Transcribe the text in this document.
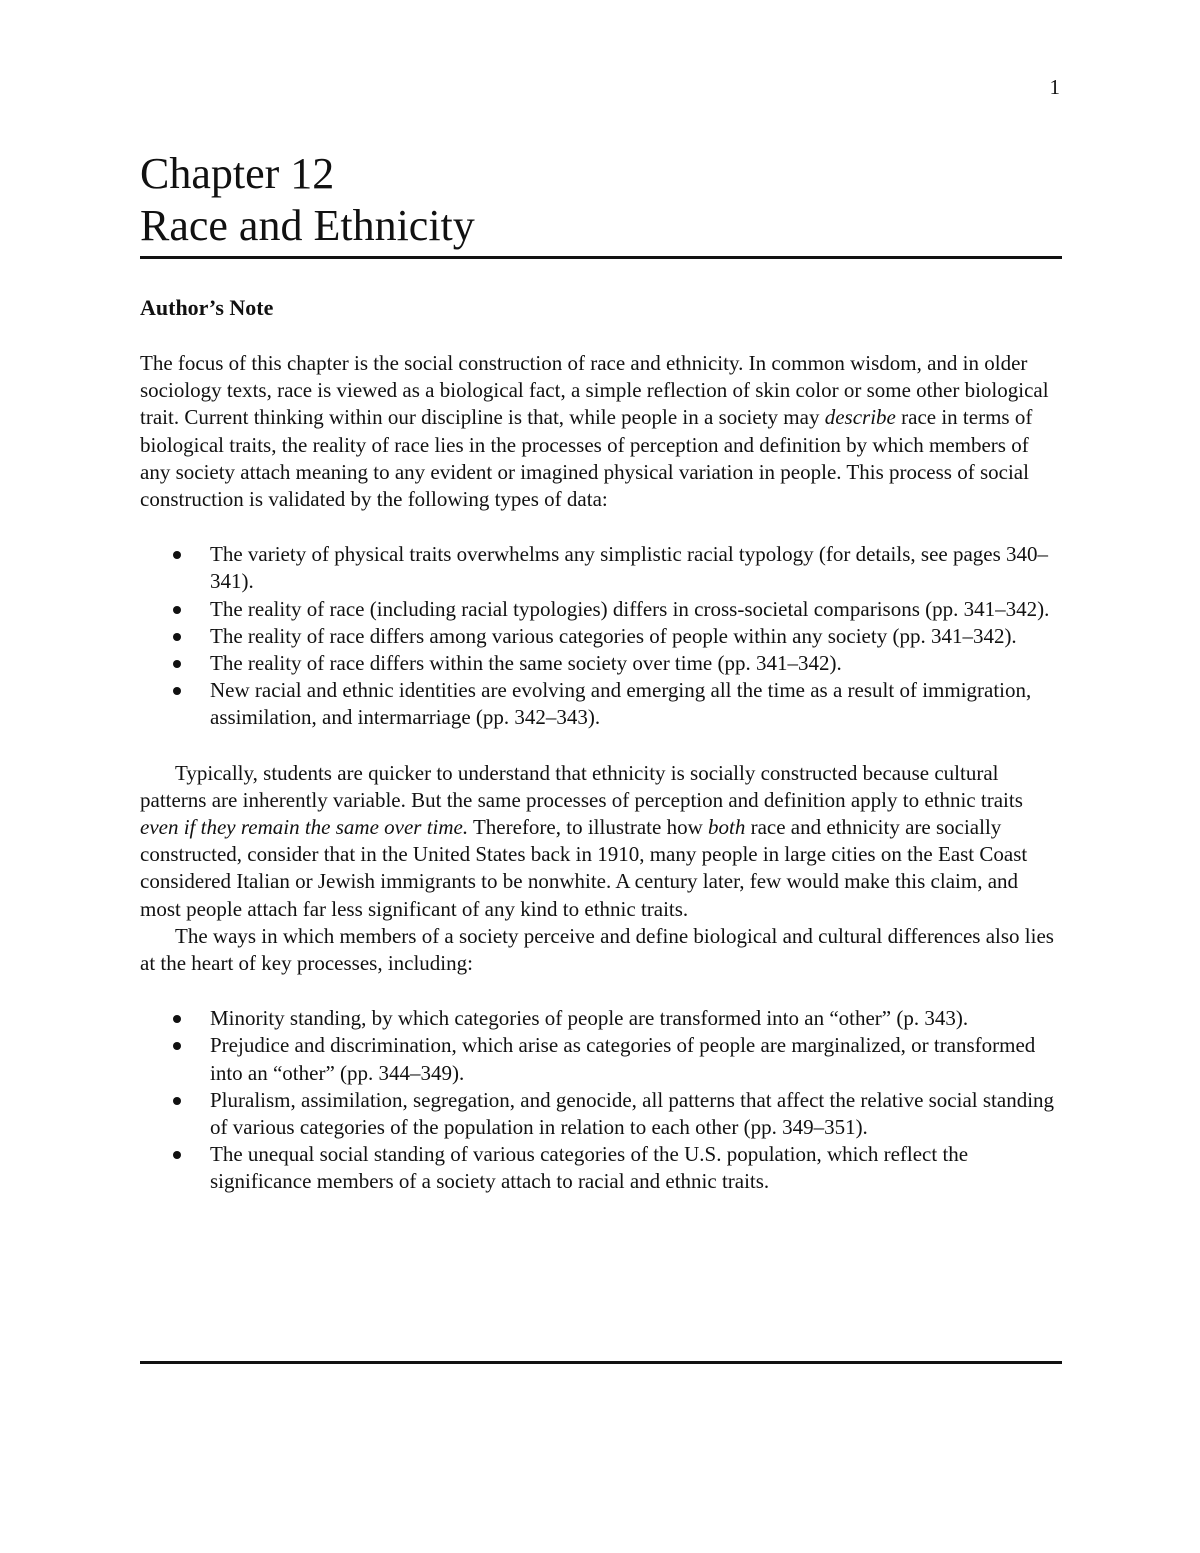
1
Chapter 12
Race and Ethnicity
Author’s Note

The focus of this chapter is the social construction of race and ethnicity. In common wisdom, and in older sociology texts, race is viewed as a biological fact, a simple reflection of skin color or some other biological trait. Current thinking within our discipline is that, while people in a society may describe race in terms of biological traits, the reality of race lies in the processes of perception and definition by which members of any society attach meaning to any evident or imagined physical variation in people. This process of social construction is validated by the following types of data:

The variety of physical traits overwhelms any simplistic racial typology (for details, see pages 340–341).
The reality of race (including racial typologies) differs in cross-societal comparisons (pp. 341–342).
The reality of race differs among various categories of people within any society (pp. 341–342).
The reality of race differs within the same society over time (pp. 341–342).
New racial and ethnic identities are evolving and emerging all the time as a result of immigration, assimilation, and intermarriage (pp. 342–343).

Typically, students are quicker to understand that ethnicity is socially constructed because cultural patterns are inherently variable. But the same processes of perception and definition apply to ethnic traits even if they remain the same over time. Therefore, to illustrate how both race and ethnicity are socially constructed, consider that in the United States back in 1910, many people in large cities on the East Coast considered Italian or Jewish immigrants to be nonwhite. A century later, few would make this claim, and most people attach far less significant of any kind to ethnic traits.

The ways in which members of a society perceive and define biological and cultural differences also lies at the heart of key processes, including:

Minority standing, by which categories of people are transformed into an “other” (p. 343).
Prejudice and discrimination, which arise as categories of people are marginalized, or transformed into an “other” (pp. 344–349).
Pluralism, assimilation, segregation, and genocide, all patterns that affect the relative social standing of various categories of the population in relation to each other (pp. 349–351).
The unequal social standing of various categories of the U.S. population, which reflect the significance members of a society attach to racial and ethnic traits.
